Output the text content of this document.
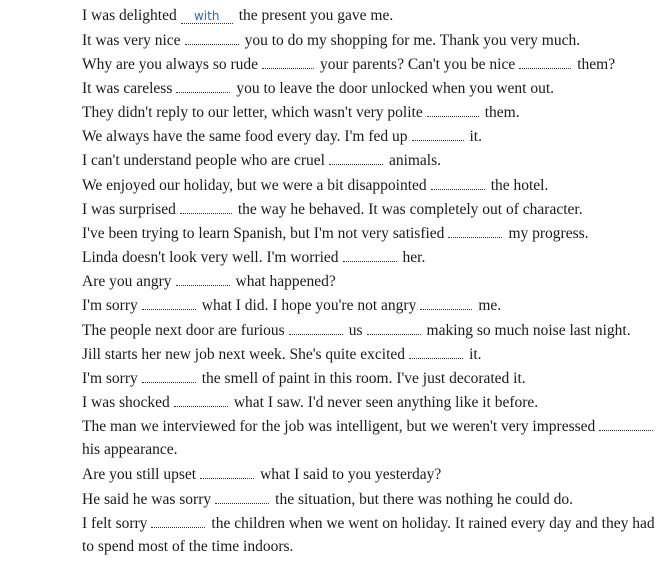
I was delighted with the present you gave me.
It was very nice	you to do my shopping for me. Thank you very much.
Why are you always so rude	your parents? Can't you be nice	them?
It was careless	you to leave the door unlocked when you went out.
They didn't reply to our letter, which wasn't very polite	them.
We always have the same food every day. I'm fed up	it.
I can't understand people who are cruel	animals.
We enjoyed our holiday, but we were a bit disappointed	the hotel.
I was surprised	the way he behaved. It was completely out of character.
I've been trying to learn Spanish, but I'm not very satisfied	my progress.
Linda doesn't look very well. I'm worried	her.
Are you angry	what happened?
I'm sorry	what I did. I hope you're not angry	me.
The people next door are furious	us	making so much noise last night.
Jill starts her new job next week. She's quite excited	it.
I'm sorry	the smell of paint in this room. I've just decorated it.
I was shocked	what I saw. I'd never seen anything like it before.
The man we interviewed for the job was intelligent, but we weren't very impressed
his appearance.
Are you still upset	what I said to you yesterday?
He said he was sorry	the situation, but there was nothing he could do.
I felt sorry	the children when we went on holiday. It rained every day and they had
to spend most of the time indoors.
